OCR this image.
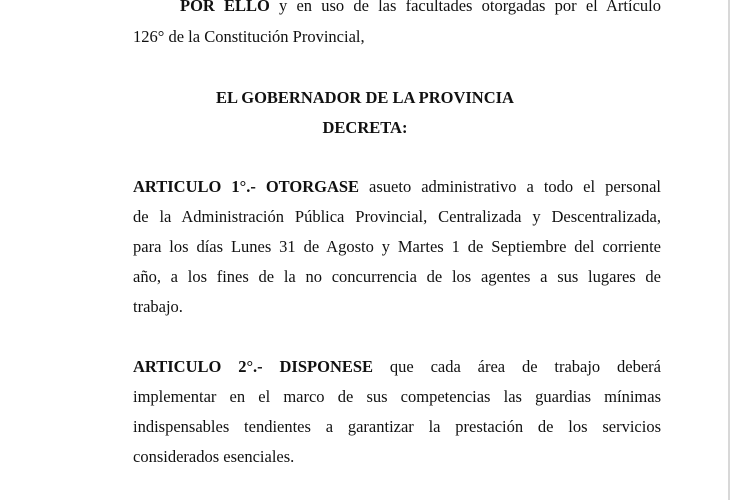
POR ELLO y en uso de las facultades otorgadas por el Artículo
126° de la Constitución Provincial,
EL GOBERNADOR DE LA PROVINCIA
DECRETA:
ARTICULO 1°.- OTORGASE asueto administrativo a todo el personal
de la Administración Pública Provincial, Centralizada y Descentralizada,
para los días Lunes 31 de Agosto y Martes 1 de Septiembre del corriente
año, a los fines de la no concurrencia de los agentes a sus lugares de
trabajo.
ARTICULO 2°.- DISPONESE que cada área de trabajo deberá
implementar en el marco de sus competencias las guardias mínimas
indispensables tendientes a garantizar la prestación de los servicios
considerados esenciales.
